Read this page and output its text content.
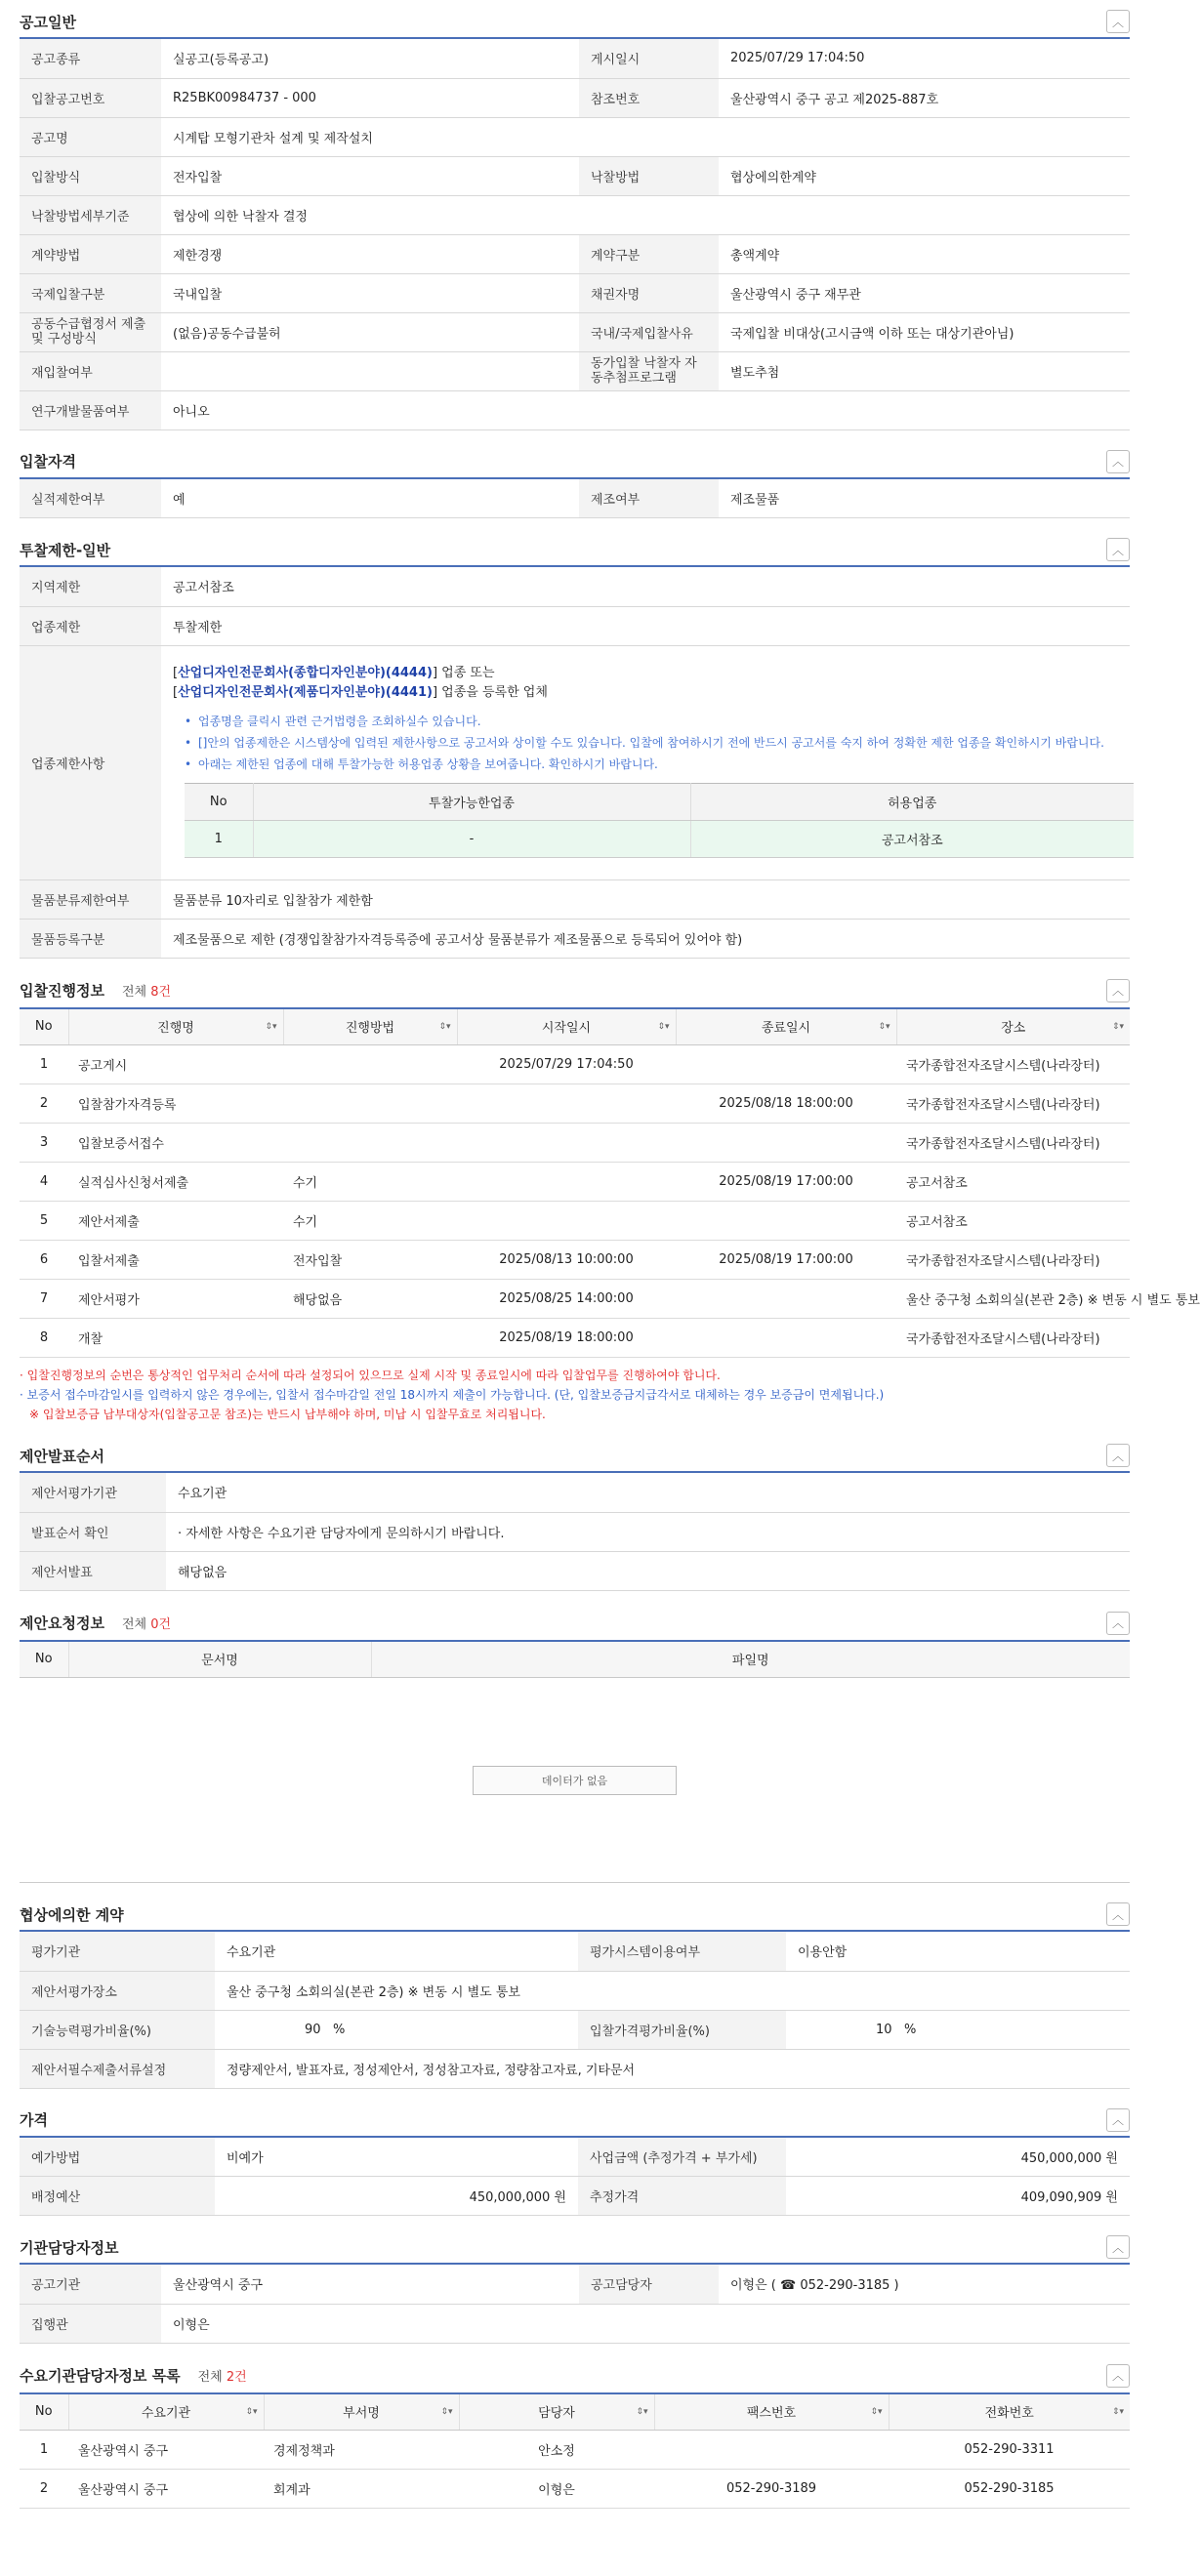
공고일반	︿
공고종류	실공고(등록공고)	게시일시	2025/07/29 17:04:50
입찰공고번호	R25BK00984737 - 000	참조번호	울산광역시 중구 공고 제2025-887호
공고명	시계탑 모형기관차 설계 및 제작설치		
입찰방식	전자입찰	낙찰방법	협상에의한계약
낙찰방법세부기준	협상에 의한 낙찰자 결정		
계약방법	제한경쟁	계약구분	총액계약
국제입찰구분	국내입찰	채권자명	울산광역시 중구 재무관
공동수급협정서 제출 및 구성방식	(없음)공동수급불허	국내/국제입찰사유	국제입찰 비대상(고시금액 이하 또는 대상기관아님)
재입찰여부		동가입찰 낙찰자 자동추첨프로그램	별도추첨
연구개발물품여부	아니오		
입찰자격	︿
실적제한여부	예	제조여부	제조물품
투찰제한-일반	︿
지역제한	공고서참조
업종제한	투찰제한
업종제한사항	
[산업디자인전문회사(종합디자인분야)(4444)] 업종 또는
[산업디자인전문회사(제품디자인분야)(4441)] 업종을 등록한 업체
• 업종명을 클릭시 관련 근거법령을 조회하실수 있습니다.
• []안의 업종제한은 시스템상에 입력된 제한사항으로 공고서와 상이할 수도 있습니다. 입찰에 참여하시기 전에 반드시 공고서를 숙지 하여 정확한 제한 업종을 확인하시기 바랍니다.
• 아래는 제한된 업종에 대해 투찰가능한 허용업종 상황을 보여줍니다. 확인하시기 바랍니다.
No	투찰가능한업종	허용업종
1	-	공고서참조

물품분류제한여부	물품분류 10자리로 입찰참가 제한함
물품등록구분	제조물품으로 제한 (경쟁입찰참가자격등록증에 공고서상 물품분류가 제조물품으로 등록되어 있어야 함)
입찰진행정보 전체 8건	︿
No	진행명 ⇕▾	진행방법 ⇕▾	시작일시 ⇕▾	종료일시 ⇕▾	장소 ⇕▾

1	공고게시		2025/07/29 17:04:50		국가종합전자조달시스템(나라장터)
2	입찰참가자격등록			2025/08/18 18:00:00	국가종합전자조달시스템(나라장터)
3	입찰보증서접수				국가종합전자조달시스템(나라장터)
4	실적심사신청서제출	수기		2025/08/19 17:00:00	공고서참조
5	제안서제출	수기			공고서참조
6	입찰서제출	전자입찰	2025/08/13 10:00:00	2025/08/19 17:00:00	국가종합전자조달시스템(나라장터)
7	제안서평가	해당없음	2025/08/25 14:00:00		울산 중구청 소회의실(본관 2층) ※ 변동 시 별도 통보
8	개찰		2025/08/19 18:00:00		국가종합전자조달시스템(나라장터)
· 입찰진행정보의 순번은 통상적인 업무처리 순서에 따라 설정되어 있으므로 실제 시작 및 종료일시에 따라 입찰업무를 진행하여야 합니다.
· 보증서 접수마감일시를 입력하지 않은 경우에는, 입찰서 접수마감일 전일 18시까지 제출이 가능합니다. (단, 입찰보증금지급각서로 대체하는 경우 보증금이 면제됩니다.)
※ 입찰보증금 납부대상자(입찰공고문 참조)는 반드시 납부해야 하며, 미납 시 입찰무효로 처리됩니다.
제안발표순서	︿
제안서평가기관	수요기관
발표순서 확인	· 자세한 사항은 수요기관 담당자에게 문의하시기 바랍니다.
제안서발표	해당없음
제안요청정보 전체 0건	︿
No	문서명	파일명
데이터가 없음
협상에의한 계약	︿
평가기관	수요기관	평가시스템이용여부	이용안함
제안서평가장소	울산 중구청 소회의실(본관 2층) ※ 변동 시 별도 통보		
기술능력평가비율(%)	90 %	입찰가격평가비율(%)	10 %
제안서필수제출서류설정	정량제안서, 발표자료, 정성제안서, 정성참고자료, 정량참고자료, 기타문서		
가격	︿
예가방법	비예가	사업금액 (추정가격 + 부가세)	450,000,000 원
배정예산	450,000,000 원	추정가격	409,090,909 원
기관담당자정보	︿
공고기관	울산광역시 중구	공고담당자	이형은 ( ☎ 052-290-3185 )
집행관	이형은		
수요기관담당자정보 목록 전체 2건	︿
No	수요기관 ⇕▾	부서명 ⇕▾	담당자 ⇕▾	팩스번호 ⇕▾	전화번호 ⇕▾

1	울산광역시 중구	경제정책과	안소정		052-290-3311
2	울산광역시 중구	회계과	이형은	052-290-3189	052-290-3185
